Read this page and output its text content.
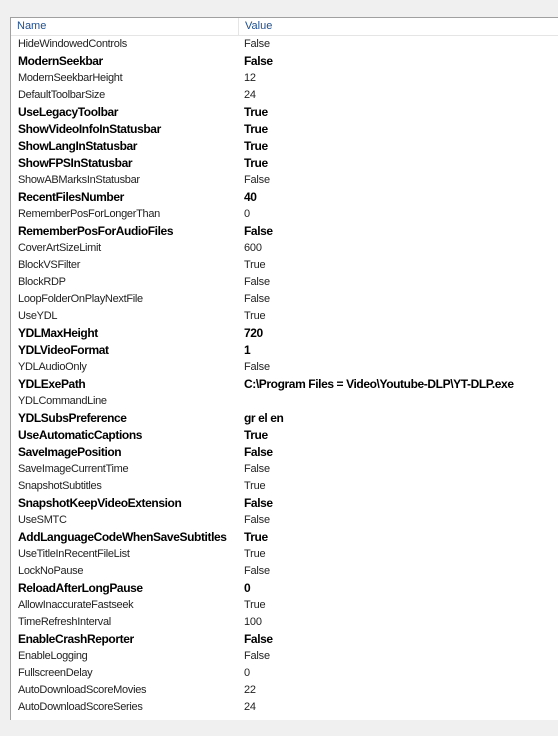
Name	Value
HideWindowedControls	False
ModernSeekbar	False
ModernSeekbarHeight	12
DefaultToolbarSize	24
UseLegacyToolbar	True
ShowVideoInfoInStatusbar	True
ShowLangInStatusbar	True
ShowFPSInStatusbar	True
ShowABMarksInStatusbar	False
RecentFilesNumber	40
RememberPosForLongerThan	0
RememberPosForAudioFiles	False
CoverArtSizeLimit	600
BlockVSFilter	True
BlockRDP	False
LoopFolderOnPlayNextFile	False
UseYDL	True
YDLMaxHeight	720
YDLVideoFormat	1
YDLAudioOnly	False
YDLExePath	C:\Program Files = Video\Youtube-DLP\YT-DLP.exe
YDLCommandLine
YDLSubsPreference	gr el en
UseAutomaticCaptions	True
SaveImagePosition	False
SaveImageCurrentTime	False
SnapshotSubtitles	True
SnapshotKeepVideoExtension	False
UseSMTC	False
AddLanguageCodeWhenSaveSubtitles	True
UseTitleInRecentFileList	True
LockNoPause	False
ReloadAfterLongPause	0
AllowInaccurateFastseek	True
TimeRefreshInterval	100
EnableCrashReporter	False
EnableLogging	False
FullscreenDelay	0
AutoDownloadScoreMovies	22
AutoDownloadScoreSeries	24
